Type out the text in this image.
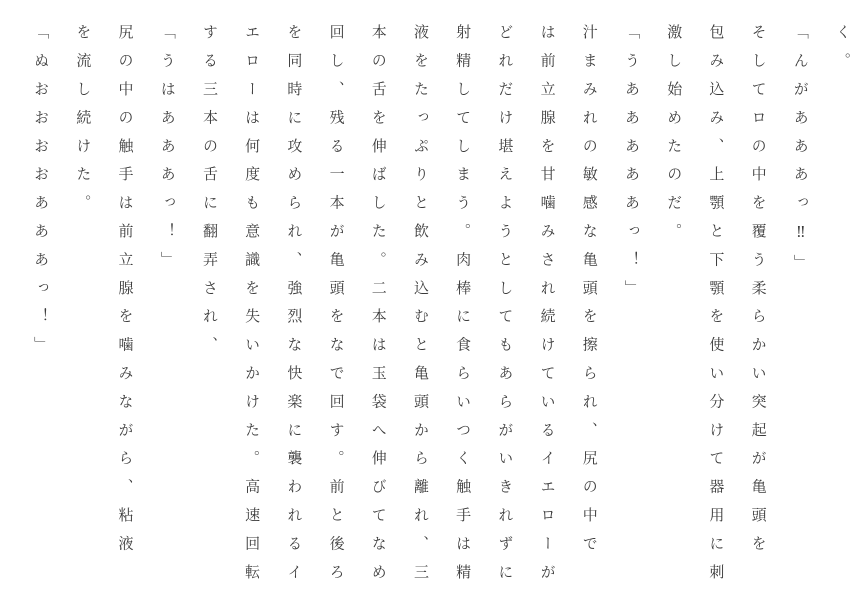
く。

「んがあああっ‼」

そしてロの中を覆う柔らかい突起が亀頭を

包み込み、上顎と下顎を使い分けて器用に刺

激し始めたのだ。

「うあああああっ！」

汁まみれの敏感な亀頭を擦られ、尻の中で

は前立腺を甘噛みされ続けているイエローが

どれだけ堪えようとしてもあらがいきれずに

射精してしまう。肉棒に食らいつく触手は精

液をたっぷりと飲み込むと亀頭から離れ、三

本の舌を伸ばした。二本は玉袋へ伸びてなめ

回し、残る一本が亀頭をなで回す。前と後ろ

を同時に攻められ、強烈な快楽に襲われるイ

エローは何度も意識を失いかけた。高速回転

する三本の舌に翻弄され、

「うはあああっ！」

尻の中の触手は前立腺を噛みながら、粘液

を流し続けた。

「ぬおおおおあああっ！」
